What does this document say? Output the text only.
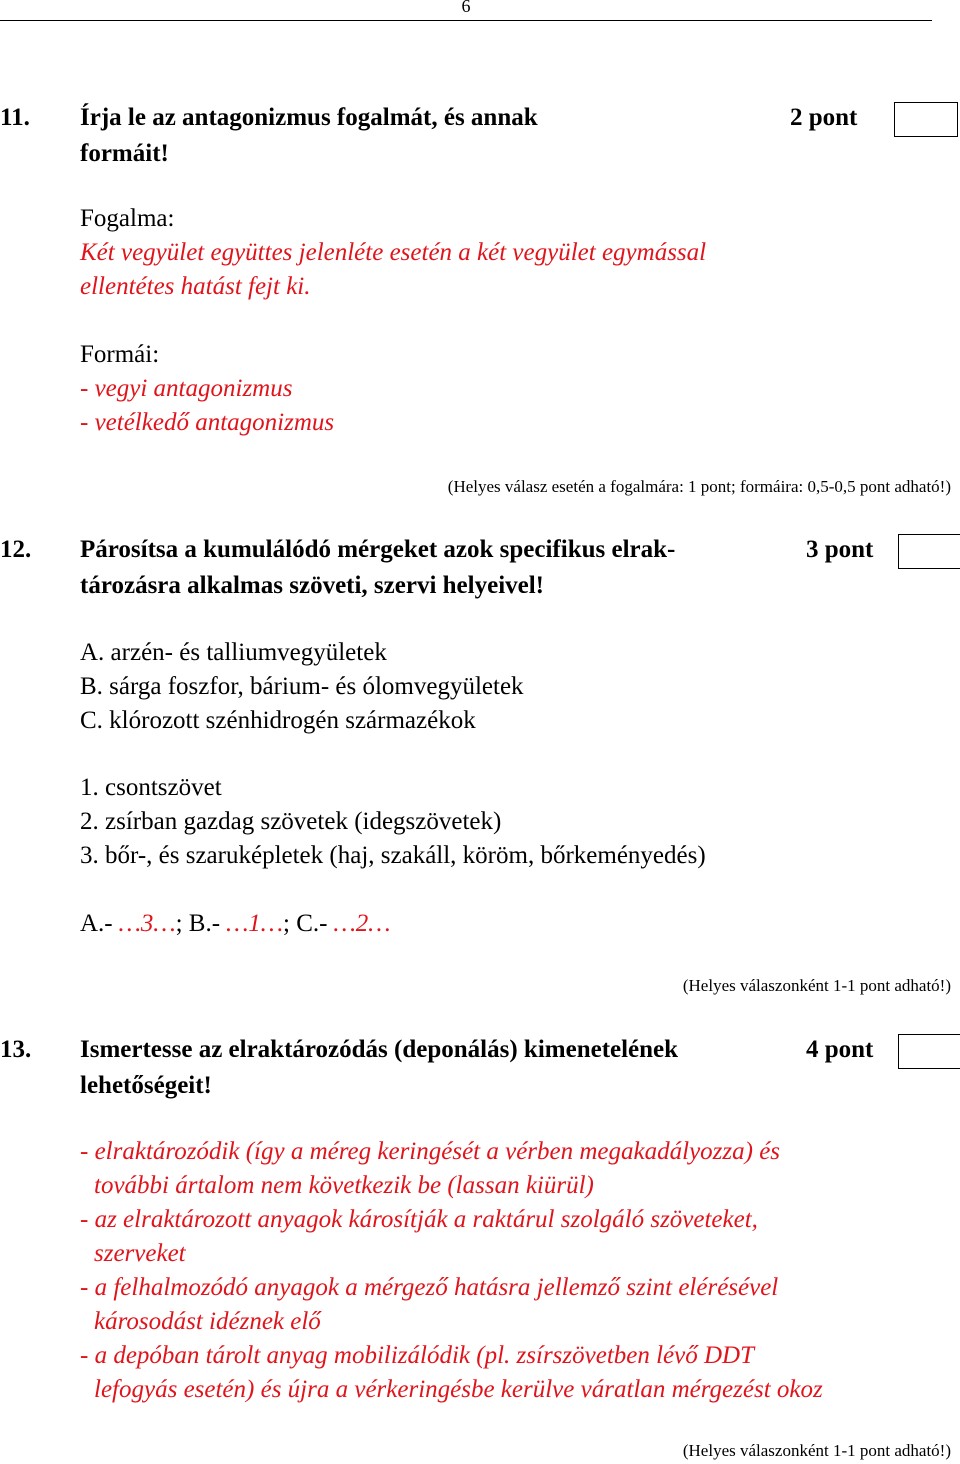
6
11. Írja le az antagonizmus fogalmát, és annak
formáit!
2 pont
Fogalma:
Két vegyület együttes jelenléte esetén a két vegyület egymással
ellentétes hatást fejt ki.
Formái:
- vegyi antagonizmus
- vetélkedő antagonizmus
(Helyes válasz esetén a fogalmára: 1 pont; formáira: 0,5-0,5 pont adható!)
12. Párosítsa a kumulálódó mérgeket azok specifikus elrak-
tározásra alkalmas szöveti, szervi helyeivel!
3 pont
A. arzén- és talliumvegyületek
B. sárga foszfor, bárium- és ólomvegyületek
C. klórozott szénhidrogén származékok
1. csontszövet
2. zsírban gazdag szövetek (idegszövetek)
3. bőr-, és szaruképletek (haj, szakáll, köröm, bőrkeményedés)
A.- …3…; B.- …1…; C.- …2…
(Helyes válaszonként 1-1 pont adható!)
13. Ismertesse az elraktározódás (deponálás) kimenetelének
lehetőségeit!
4 pont
- elraktározódik (így a méreg keringését a vérben megakadályozza) és
további ártalom nem következik be (lassan kiürül)
- az elraktározott anyagok károsítják a raktárul szolgáló szöveteket,
szerveket
- a felhalmozódó anyagok a mérgező hatásra jellemző szint elérésével
károsodást idéznek elő
- a depóban tárolt anyag mobilizálódik (pl. zsírszövetben lévő DDT
lefogyás esetén) és újra a vérkeringésbe kerülve váratlan mérgezést okoz
(Helyes válaszonként 1-1 pont adható!)
